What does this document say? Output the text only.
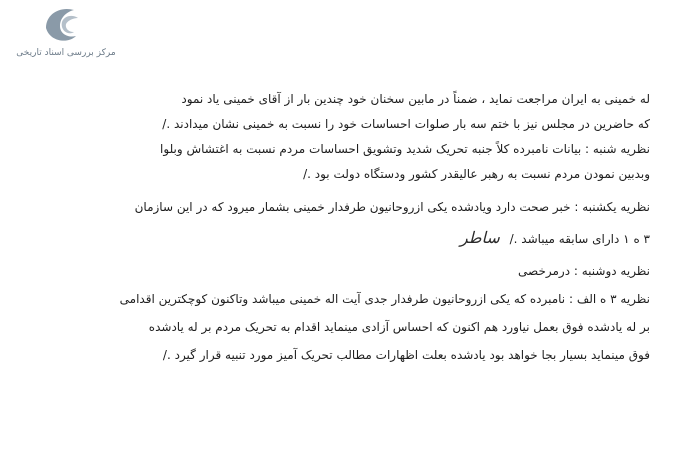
مرکز بررسی اسناد تاریخی
له خمینی به ایران مراجعت نماید ، ضمناً در مابین سخنان خود چندین بار از آقای خمینی یاد نمود
که حاضرین در مجلس نیز با ختم سه بار صلوات احساسات خود را نسبت به خمینی نشان میدادند ./
نظریه شنبه : بیانات نامبرده کلاً جنبه تحریک شدید وتشویق احساسات مردم نسبت به اغتشاش وبلوا
وبدبین نمودن مردم نسبت به رهبر عالیقدر کشور ودستگاه دولت بود ./
نظریه یکشنبه : خبر صحت دارد ویادشده یکی ازروحانیون طرفدار خمینی بشمار میرود که در این سازمان
۳ ه ۱ دارای سابقه میباشد ./ ساطر
نظریه دوشنبه : درمرخصی
نظریه ۳ ه الف : نامبرده که یکی ازروحانیون طرفدار جدی آیت اله خمینی میباشد وتاکنون کوچکترین اقدامی
بر له یادشده فوق بعمل نیاورد هم اکنون که احساس آزادی مینماید اقدام به تحریک مردم بر له یادشده
فوق مینماید بسیار بجا خواهد بود یادشده بعلت اظهارات مطالب تحریک آمیز مورد تنبیه قرار گیرد ./
